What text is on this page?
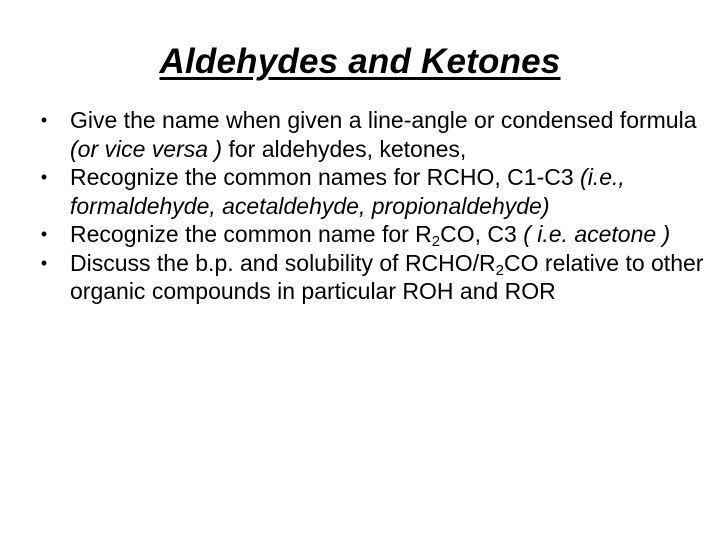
Aldehydes and Ketones
• Give the name when given a line-angle or condensed formula (or vice versa ) for aldehydes, ketones,
• Recognize the common names for RCHO, C1-C3 (i.e., formaldehyde, acetaldehyde, propionaldehyde)
• Recognize the common name for $R_2CO$, C3 ( i.e. acetone )
• Discuss the b.p. and solubility of RCHO/$R_2CO$ relative to other organic compounds in particular ROH and ROR
